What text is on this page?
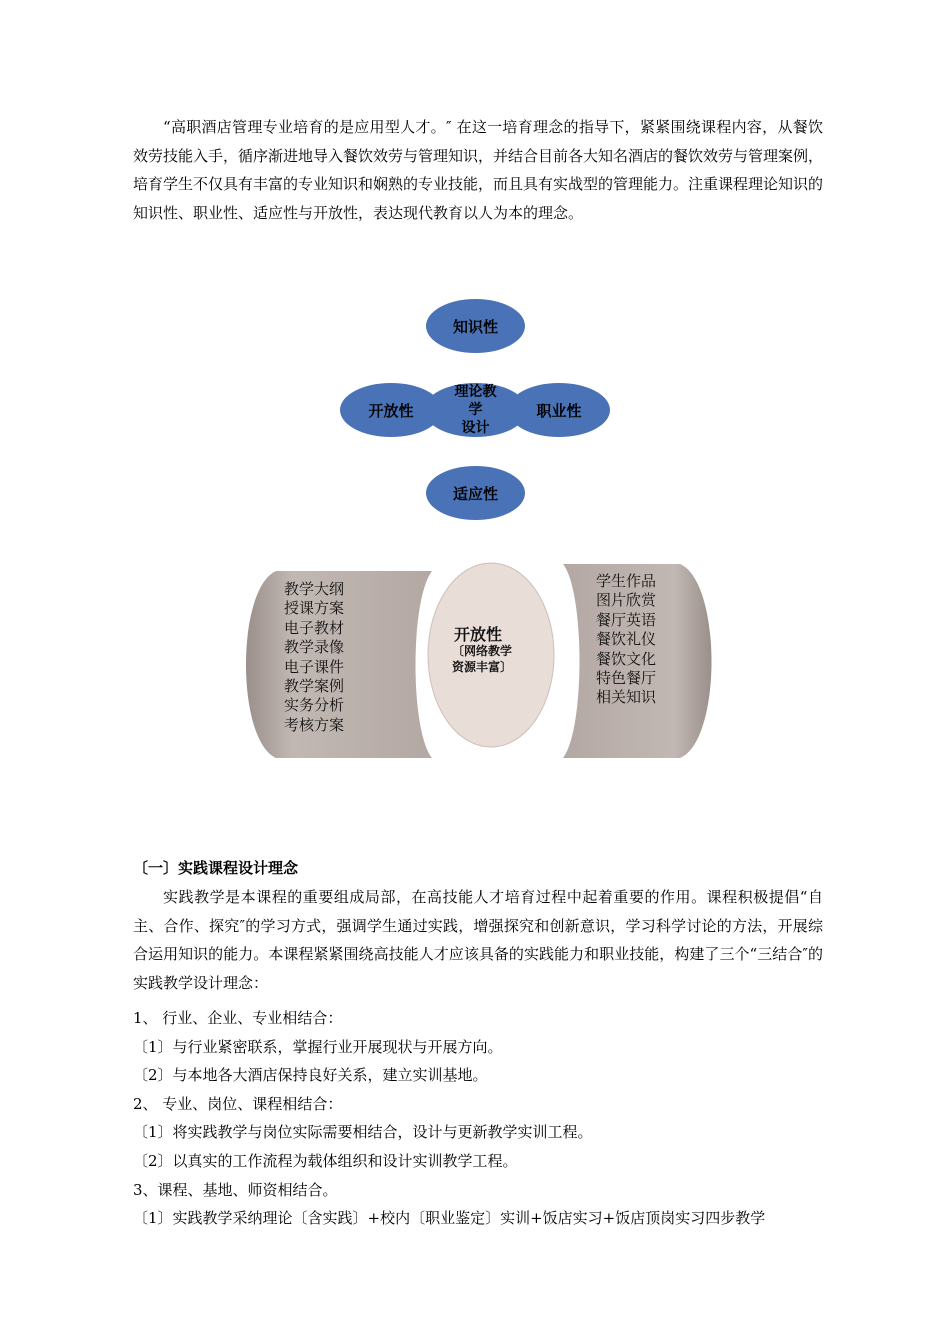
“高职酒店管理专业培育的是应用型人才。″ 在这一培育理念的指导下，紧紧围绕课程内容，从餐饮效劳技能入手，循序渐进地导入餐饮效劳与管理知识，并结合目前各大知名酒店的餐饮效劳与管理案例，培育学生不仅具有丰富的专业知识和娴熟的专业技能，而且具有实战型的管理能力。注重课程理论知识的知识性、职业性、适应性与开放性，表达现代教育以人为本的理念。

知识性
适应性
理论教
学
设计
开放性	职业性
教学大纲
授课方案
电子教材
教学录像
电子课件
教学案例
实务分析
考核方案
开放性
〔网络教学
资源丰富〕
学生作品
图片欣赏
餐厅英语
餐饮礼仪
餐饮文化
特色餐厅
相关知识

〔一〕实践课程设计理念

实践教学是本课程的重要组成局部，在高技能人才培育过程中起着重要的作用。课程积极提倡“自主、合作、探究″的学习方式，强调学生通过实践，增强探究和创新意识，学习科学讨论的方法，开展综合运用知识的能力。本课程紧紧围绕高技能人才应该具备的实践能力和职业技能，构建了三个“三结合″的实践教学设计理念：

1、 行业、企业、专业相结合：

〔1〕与行业紧密联系，掌握行业开展现状与开展方向。

〔2〕与本地各大酒店保持良好关系，建立实训基地。

2、 专业、岗位、课程相结合：

〔1〕将实践教学与岗位实际需要相结合，设计与更新教学实训工程。

〔2〕以真实的工作流程为载体组织和设计实训教学工程。

3、课程、基地、师资相结合。

〔1〕实践教学采纳理论〔含实践〕+校内〔职业鉴定〕实训+饭店实习+饭店顶岗实习四步教学
